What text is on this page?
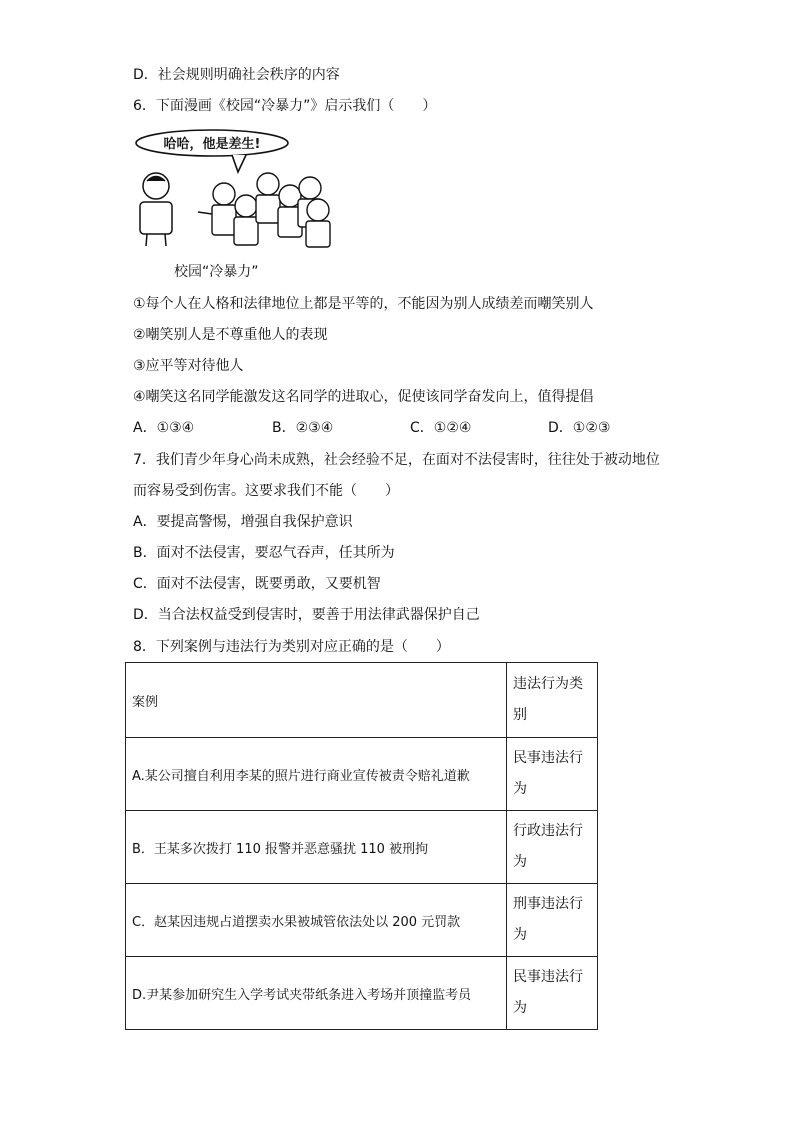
D．社会规则明确社会秩序的内容
6．下面漫画《校园“冷暴力”》启示我们（　　）
哈哈，他是差生!
校园“冷暴力”
①每个人在人格和法律地位上都是平等的，不能因为别人成绩差而嘲笑别人
②嘲笑别人是不尊重他人的表现
③应平等对待他人
④嘲笑这名同学能激发这名同学的进取心，促使该同学奋发向上，值得提倡
A．①③④	B．②③④	C．①②④	D．①②③
7．我们青少年身心尚未成熟，社会经验不足，在面对不法侵害时，往往处于被动地位
而容易受到伤害。这要求我们不能（　　）
A．要提高警惕，增强自我保护意识
B．面对不法侵害，要忍气吞声，任其所为
C．面对不法侵害，既要勇敢，又要机智
D．当合法权益受到侵害时，要善于用法律武器保护自己
8．下列案例与违法行为类别对应正确的是（　　）
案例	违法行为类别
A.某公司擅自利用李某的照片进行商业宣传被责令赔礼道歉	民事违法行为
B．王某多次拨打 110 报警并恶意骚扰 110 被刑拘	行政违法行为
C．赵某因违规占道摆卖水果被城管依法处以 200 元罚款	刑事违法行为
D.尹某参加研究生入学考试夹带纸条进入考场并顶撞监考员	民事违法行为
